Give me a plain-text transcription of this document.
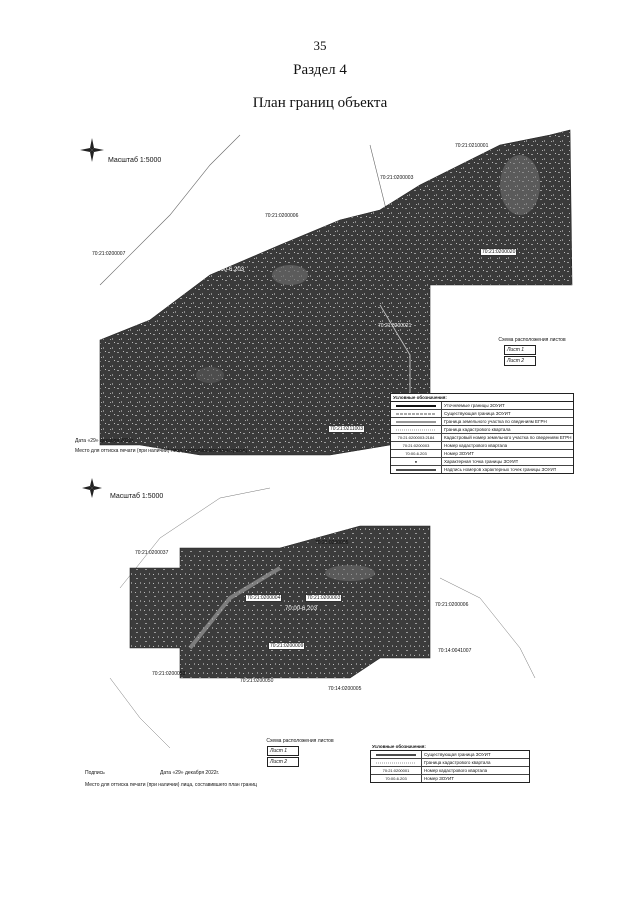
35
Раздел 4
План границ объекта
Масштаб 1:5000
70:21:0210001
70:21:0200003
70:21:0200006
70:21:0200007	70:21:0200020
70:21:0200021
70:21:0211003
70:00-6.203
Схема расположения листов
Лист 1
Лист 2
Условные обозначения:
Уточняемые границы ЗОУИТ
Существующая граница ЗОУИТ
Граница земельного участка по сведениям ЕГРН
Граница кадастрового квартала
70:21:0200003:2184	Кадастровый номер земельного участка по сведениям ЕГРН
70:21:0200003	Номер кадастрового квартала
70:00-6.203	Номер ЗОУИТ
●	Характерная точка границы ЗОУИТ
Надпись номеров характерных точек границы ЗОУИТ
Дата «29» декабря 2022г.
Место для оттиска печати (при наличии) лица, составившего план границ
Масштаб 1:5000
70:21:0200037
70:21:0200005
70:21:0200004	70:21:0200003
70:21:0200006
70:14:0041007
70:21:0200009
70:21:0200053
70:21:0200050
70:14:0200005
70:00-6.203
Схема расположения листов
Лист 1
Лист 2
Условные обозначения:
Существующая граница ЗОУИТ
Граница кадастрового квартала
70:21:0200001	Номер кадастрового квартала
70:00-6.203	Номер ЗОУИТ
Подпись	Дата «29» декабря 2022г.
Место для оттиска печати (при наличии) лица, составившего план границ
